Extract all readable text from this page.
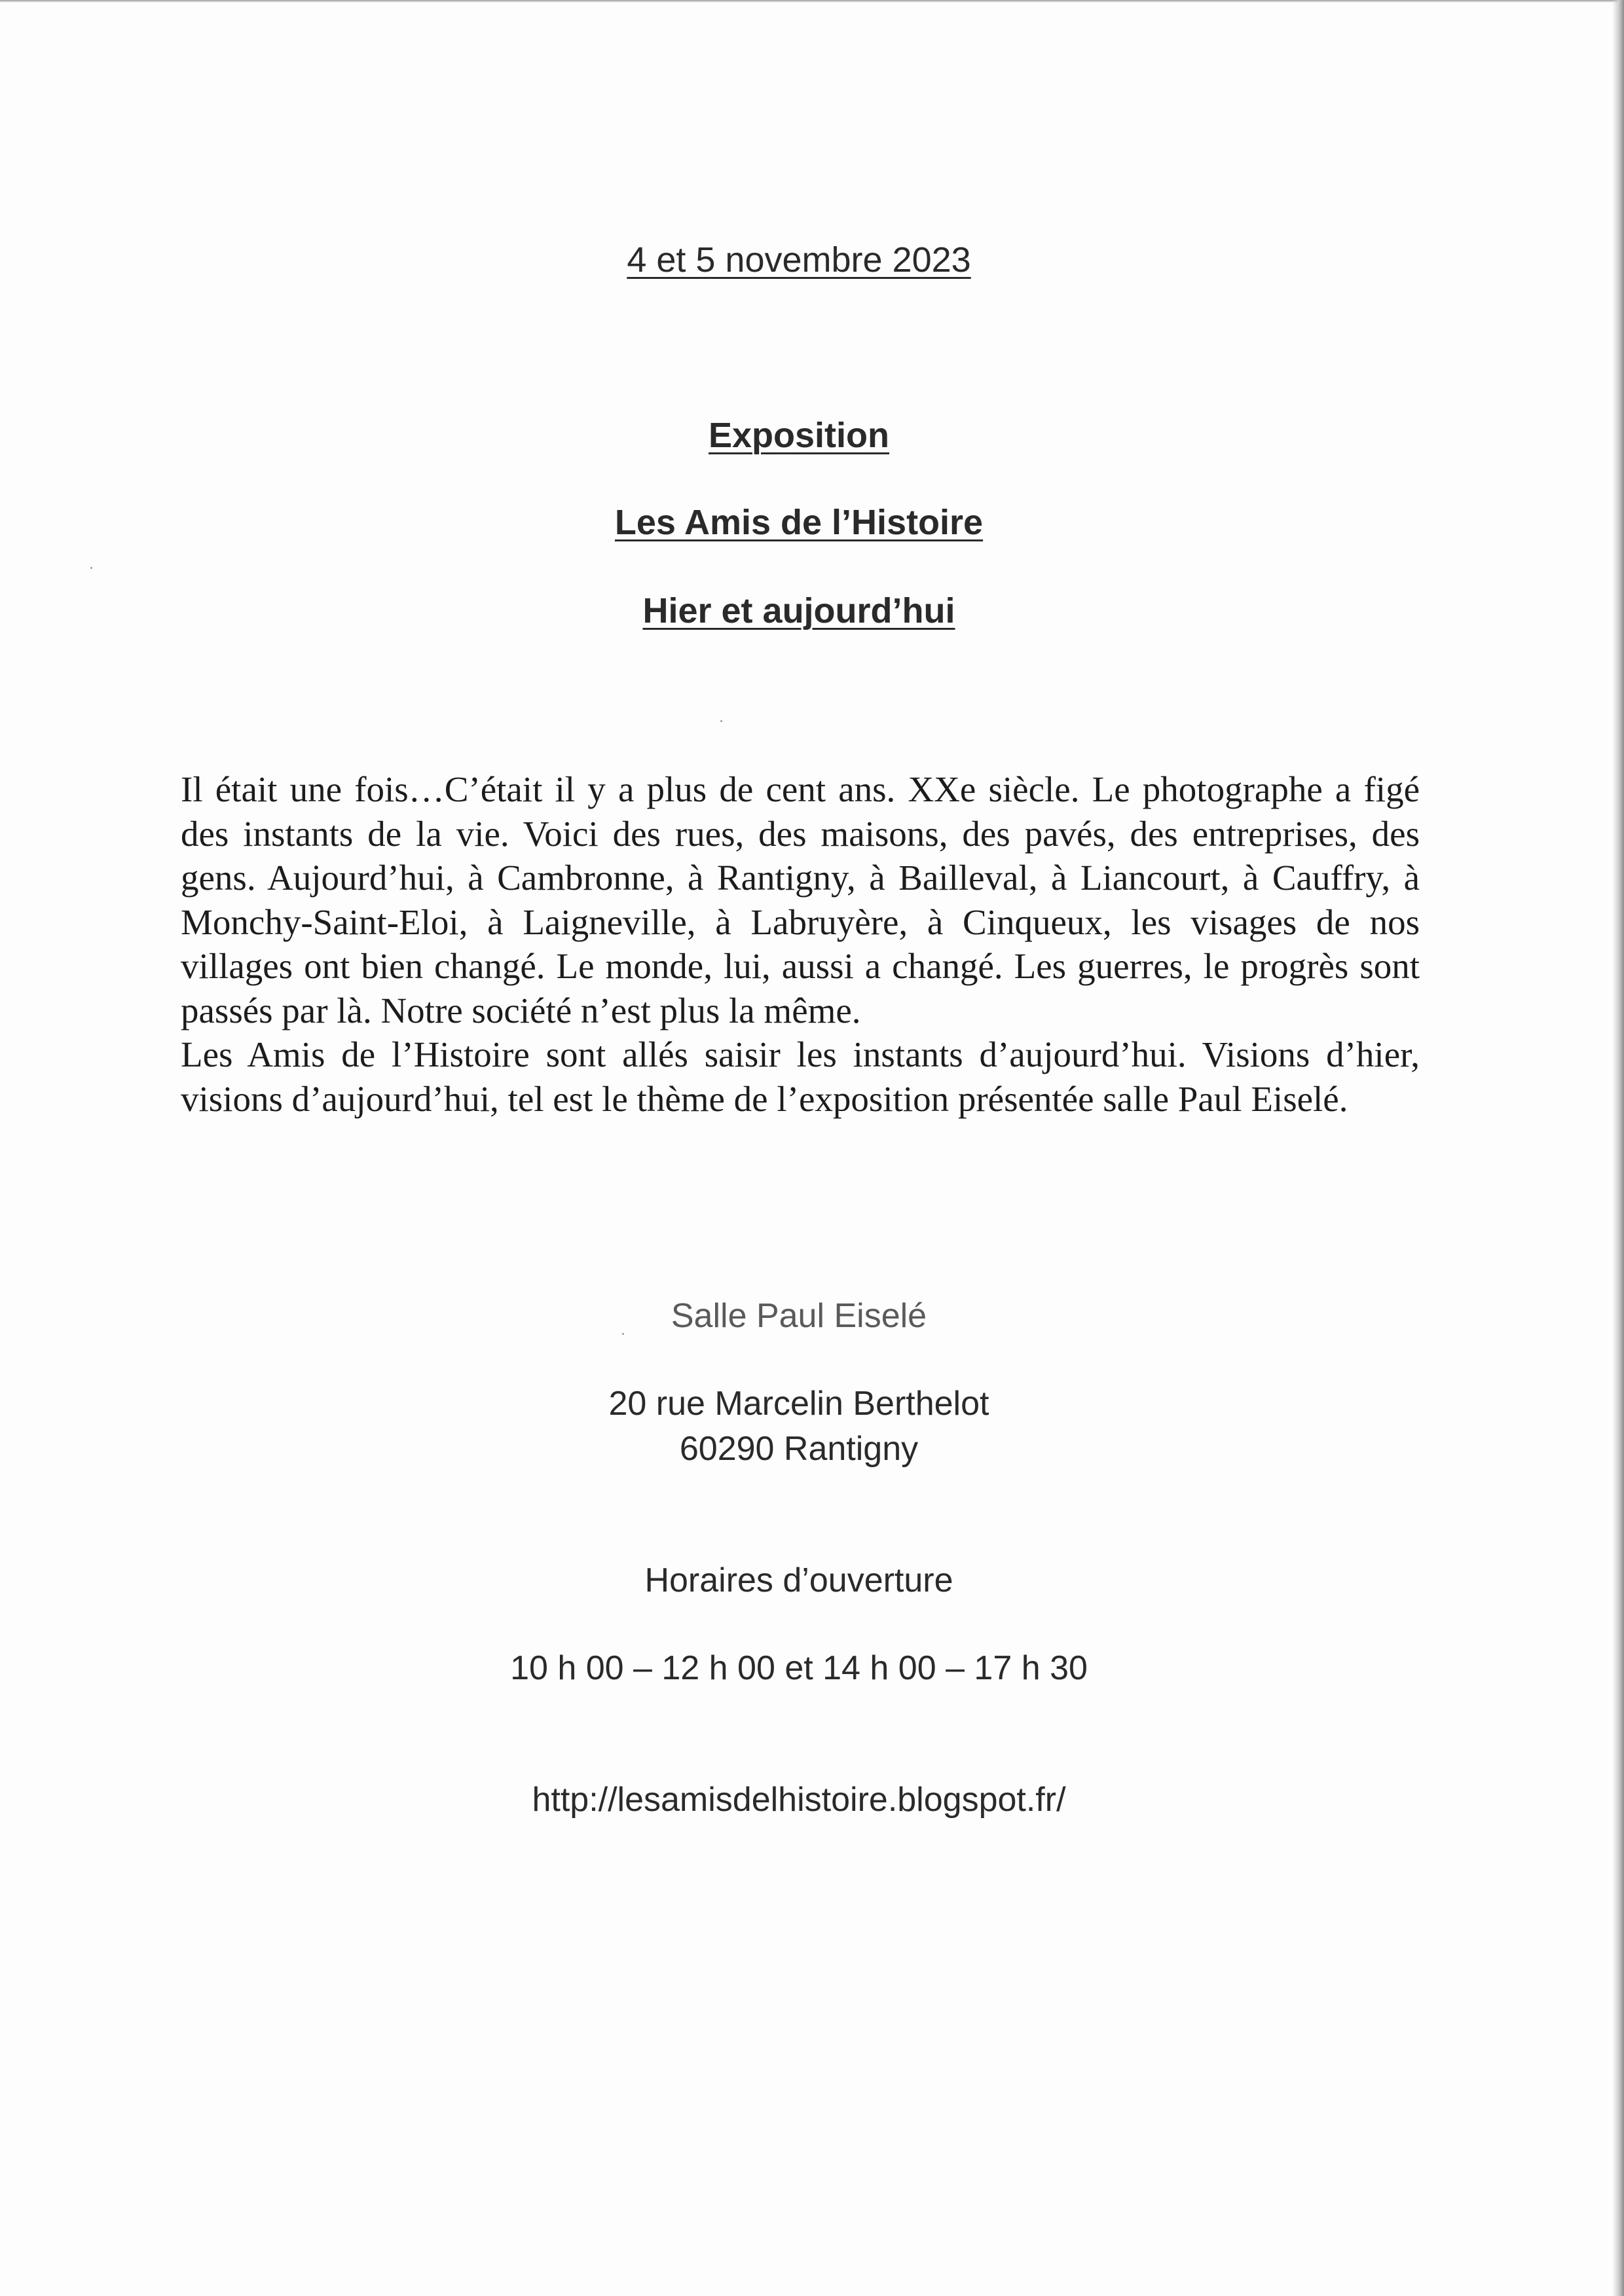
4 et 5 novembre 2023
Exposition
Les Amis de l’Histoire
Hier et aujourd’hui

Il était une fois…C’était il y a plus de cent ans. XXe siècle. Le photographe a figé des instants de la vie. Voici des rues, des maisons, des pavés, des entreprises, des gens. Aujourd’hui, à Cambronne, à Rantigny, à Bailleval, à Liancourt, à Cauffry, à Monchy-Saint-Eloi, à Laigneville, à Labruyère, à Cinqueux, les visages de nos villages ont bien changé. Le monde, lui, aussi a changé. Les guerres, le progrès sont passés par là. Notre société n’est plus la même.

Les Amis de l’Histoire sont allés saisir les instants d’aujourd’hui. Visions d’hier, visions d’aujourd’hui, tel est le thème de l’exposition présentée salle Paul Eiselé.

Salle Paul Eiselé
20 rue Marcelin Berthelot
60290 Rantigny
Horaires d’ouverture
10 h 00 – 12 h 00 et 14 h 00 – 17 h 30
http://lesamisdelhistoire.blogspot.fr/
